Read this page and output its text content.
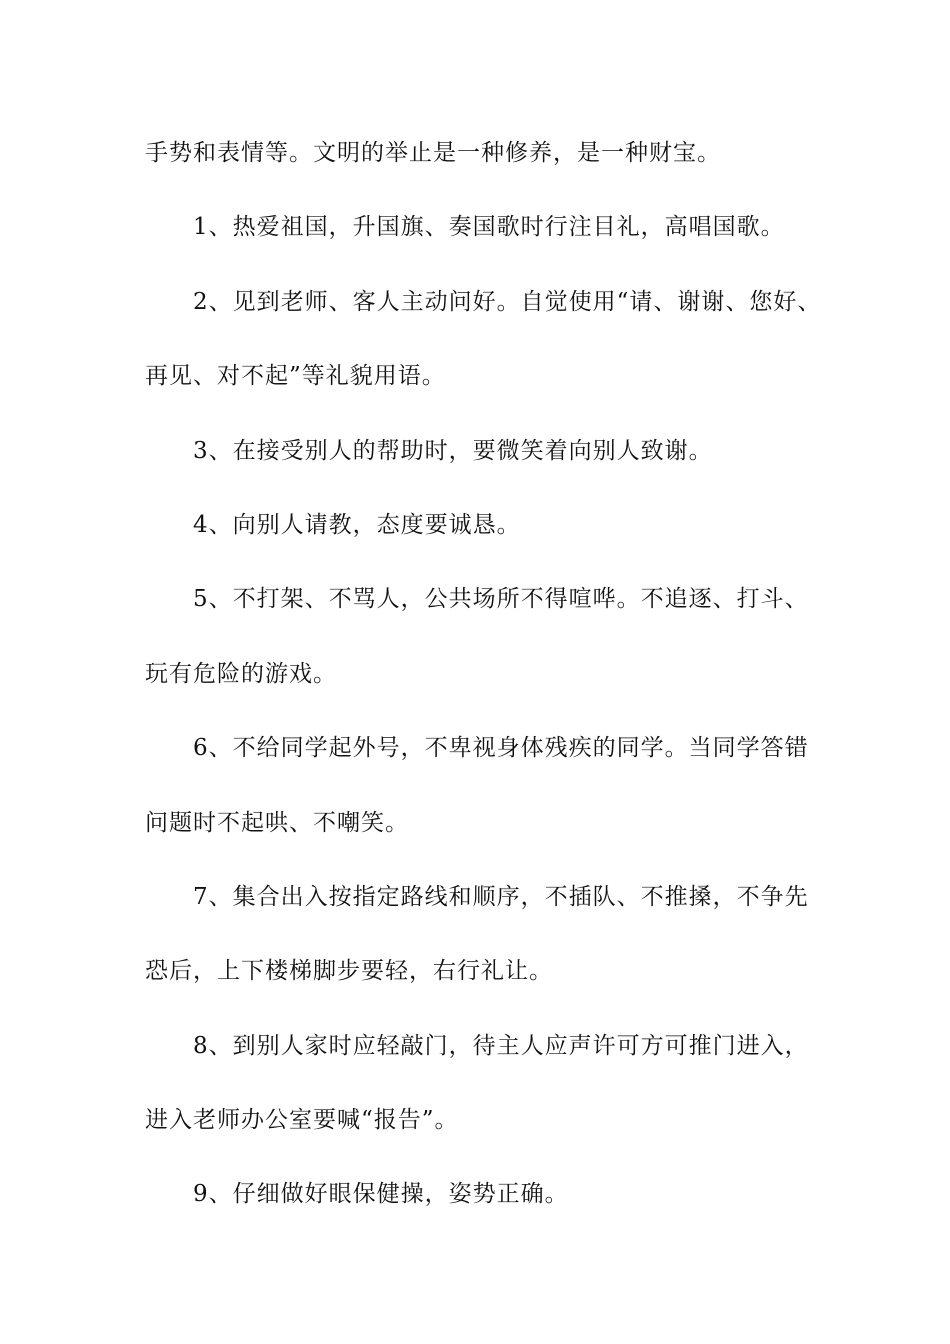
手势和表情等。文明的举止是一种修养，是一种财宝。
1、热爱祖国，升国旗、奏国歌时行注目礼，高唱国歌。
2、见到老师、客人主动问好。自觉使用“请、谢谢、您好、
再见、对不起”等礼貌用语。
3、在接受别人的帮助时，要微笑着向别人致谢。
4、向别人请教，态度要诚恳。
5、不打架、不骂人，公共场所不得喧哗。不追逐、打斗、
玩有危险的游戏。
6、不给同学起外号，不卑视身体残疾的同学。当同学答错
问题时不起哄、不嘲笑。
7、集合出入按指定路线和顺序，不插队、不推搡，不争先
恐后，上下楼梯脚步要轻，右行礼让。
8、到别人家时应轻敲门，待主人应声许可方可推门进入，
进入老师办公室要喊“报告”。
9、仔细做好眼保健操，姿势正确。
